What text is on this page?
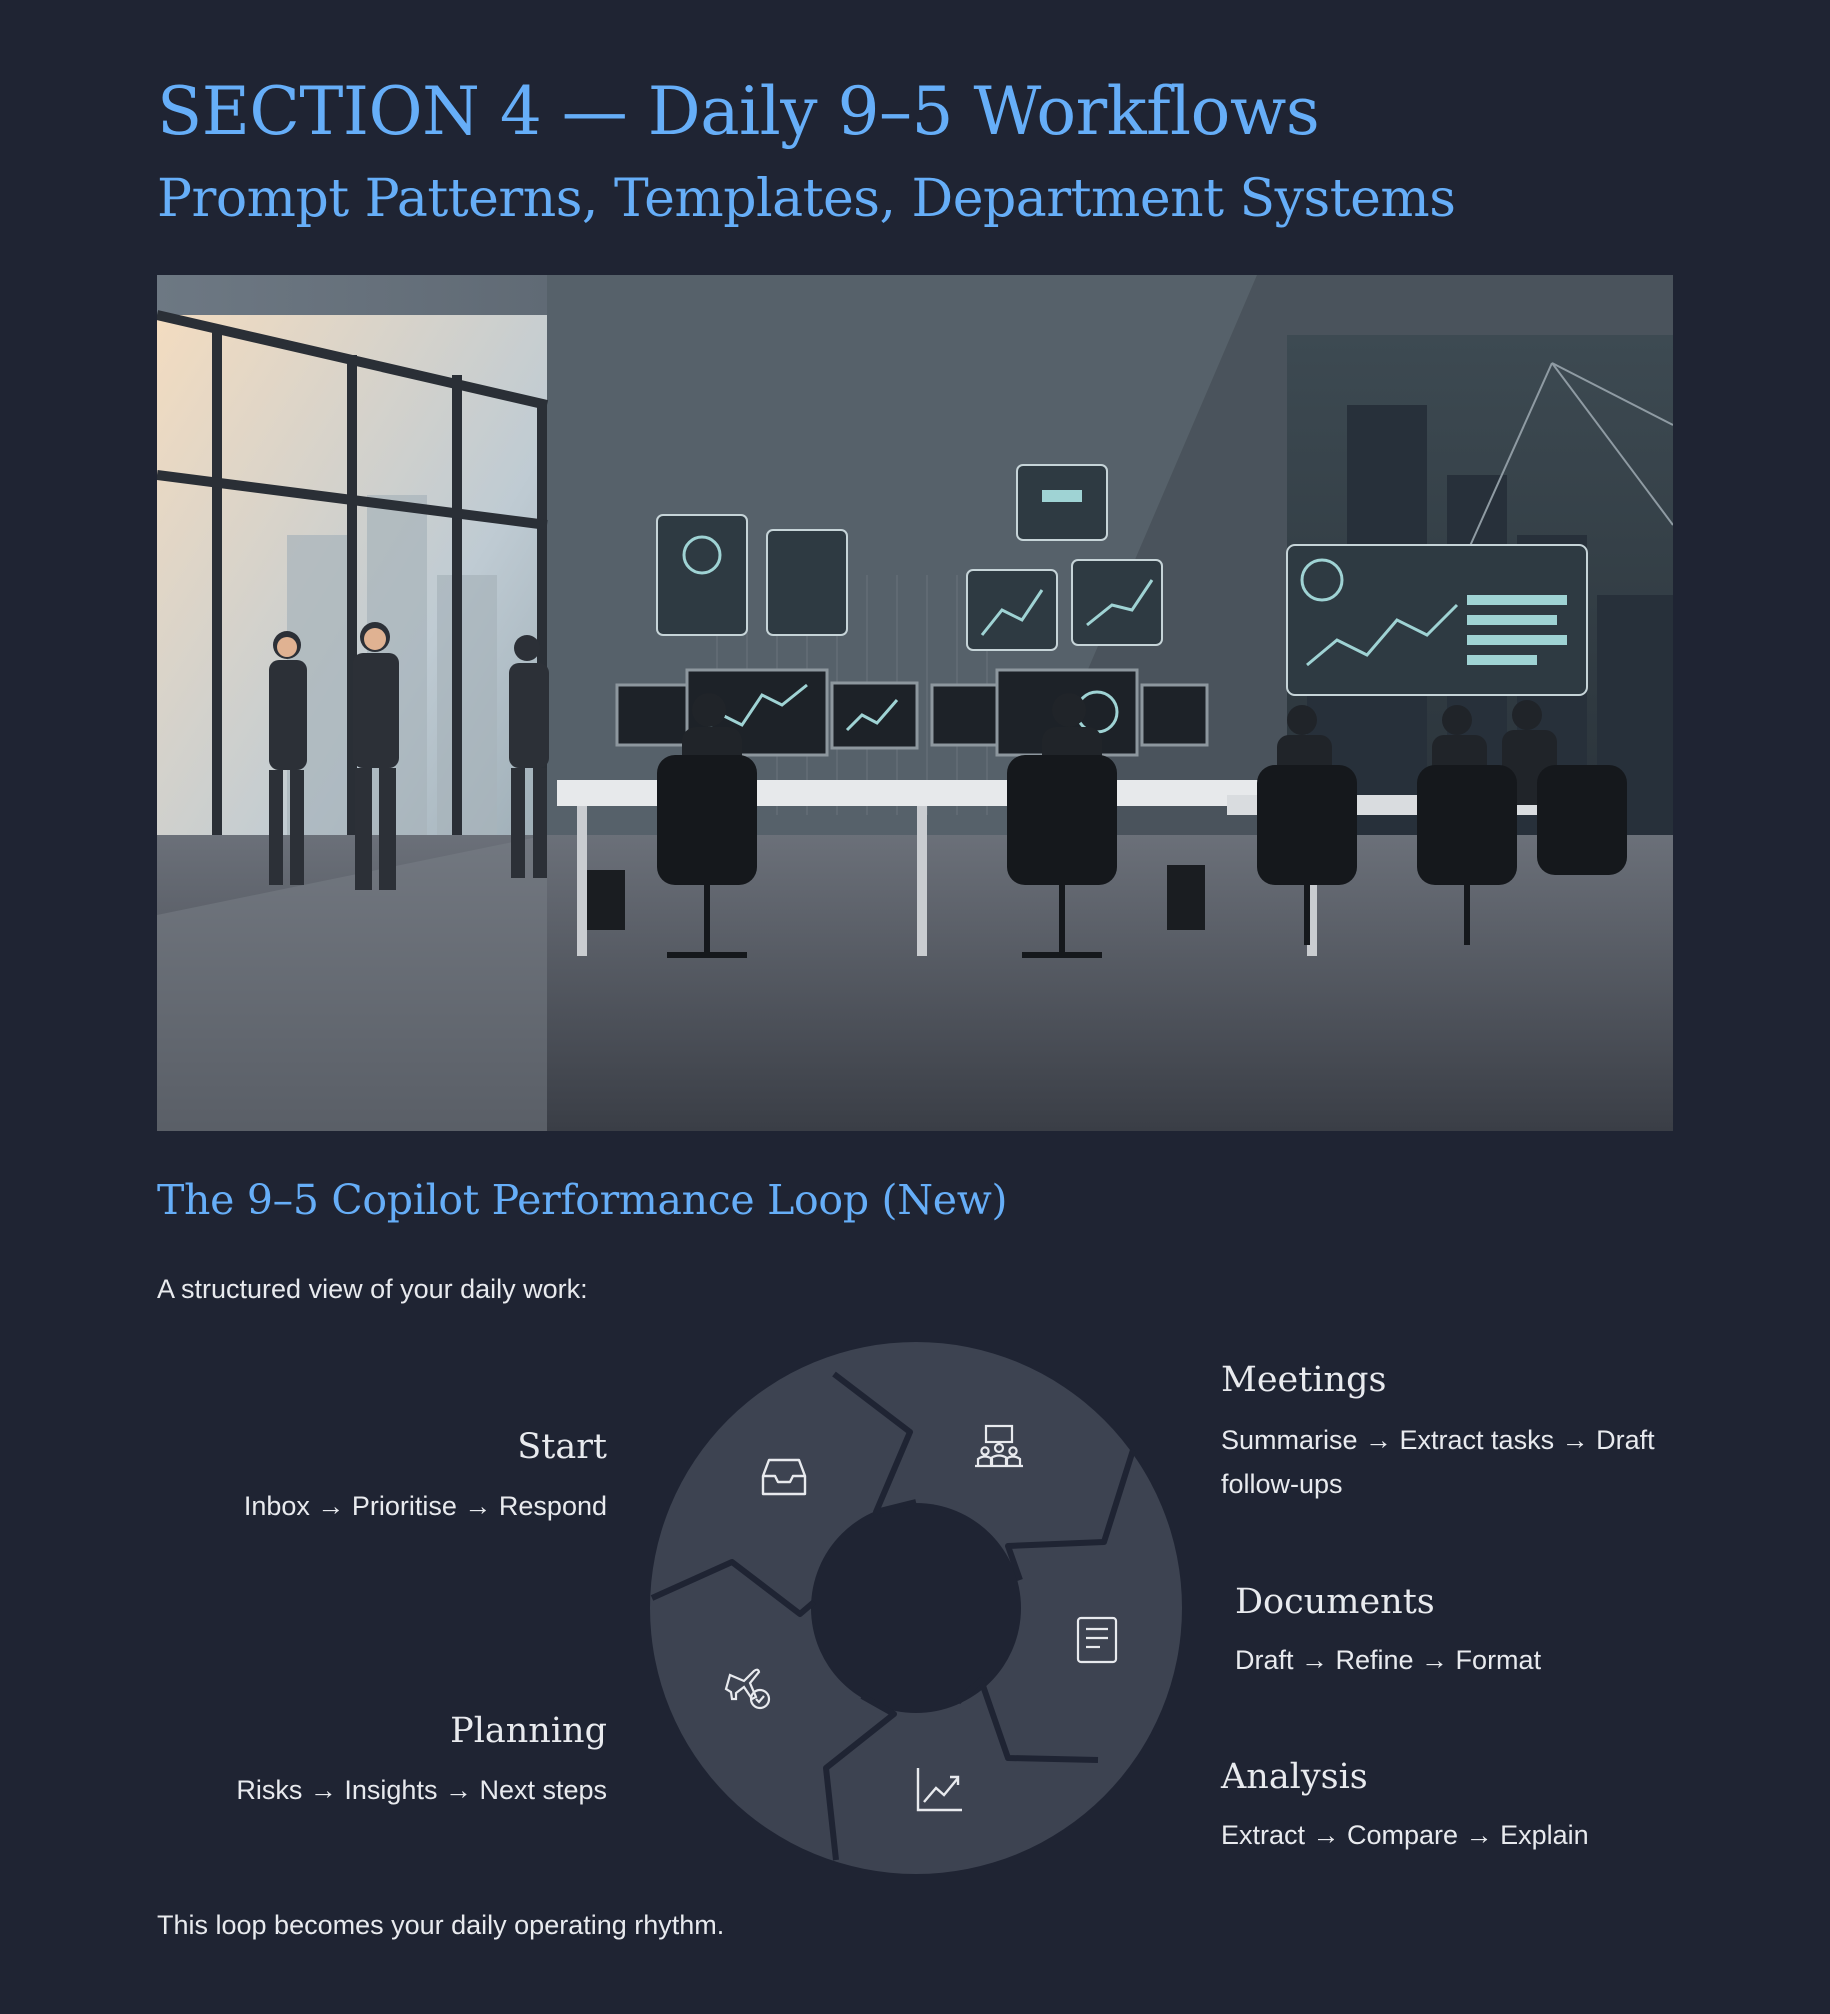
SECTION 4 — Daily 9–5 Workflows
Prompt Patterns, Templates, Department Systems
The 9–5 Copilot Performance Loop (New)

A structured view of your daily work:

Start

Inbox → Prioritise → Respond

Meetings

Summarise → Extract tasks → Draft follow-ups

Documents

Draft → Refine → Format

Analysis

Extract → Compare → Explain

Planning

Risks → Insights → Next steps

This loop becomes your daily operating rhythm.
